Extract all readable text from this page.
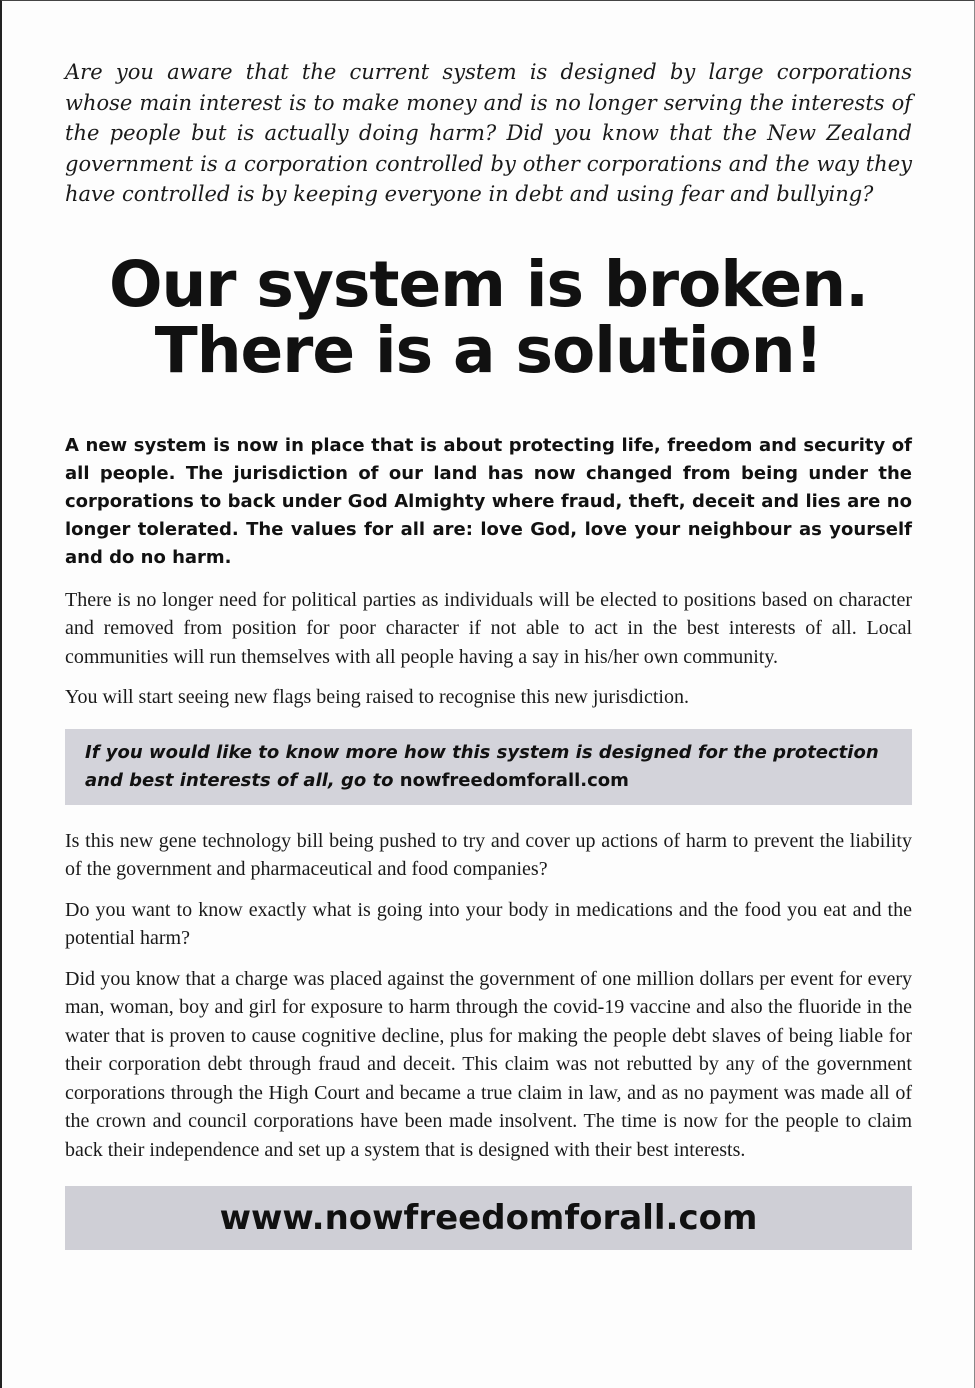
Are you aware that the current system is designed by large corporations whose main interest is to make money and is no longer serving the interests of the people but is actually doing harm? Did you know that the New Zealand government is a corporation controlled by other corporations and the way they have controlled is by keeping everyone in debt and using fear and bullying?

Our system is broken.
There is a solution!

A new system is now in place that is about protecting life, freedom and security of all people. The jurisdiction of our land has now changed from being under the corporations to back under God Almighty where fraud, theft, deceit and lies are no longer tolerated. The values for all are: love God, love your neighbour as yourself and do no harm.

There is no longer need for political parties as individuals will be elected to positions based on character and removed from position for poor character if not able to act in the best interests of all. Local communities will run themselves with all people having a say in his/her own community.

You will start seeing new flags being raised to recognise this new jurisdiction.

If you would like to know more how this system is designed for the protection and best interests of all, go to nowfreedomforall.com

Is this new gene technology bill being pushed to try and cover up actions of harm to prevent the liability of the government and pharmaceutical and food companies?

Do you want to know exactly what is going into your body in medications and the food you eat and the potential harm?

Did you know that a charge was placed against the government of one million dollars per event for every man, woman, boy and girl for exposure to harm through the covid-19 vaccine and also the fluoride in the water that is proven to cause cognitive decline, plus for making the people debt slaves of being liable for their corporation debt through fraud and deceit. This claim was not rebutted by any of the government corporations through the High Court and became a true claim in law, and as no payment was made all of the crown and council corporations have been made insolvent. The time is now for the people to claim back their independence and set up a system that is designed with their best interests.

www.nowfreedomforall.com
